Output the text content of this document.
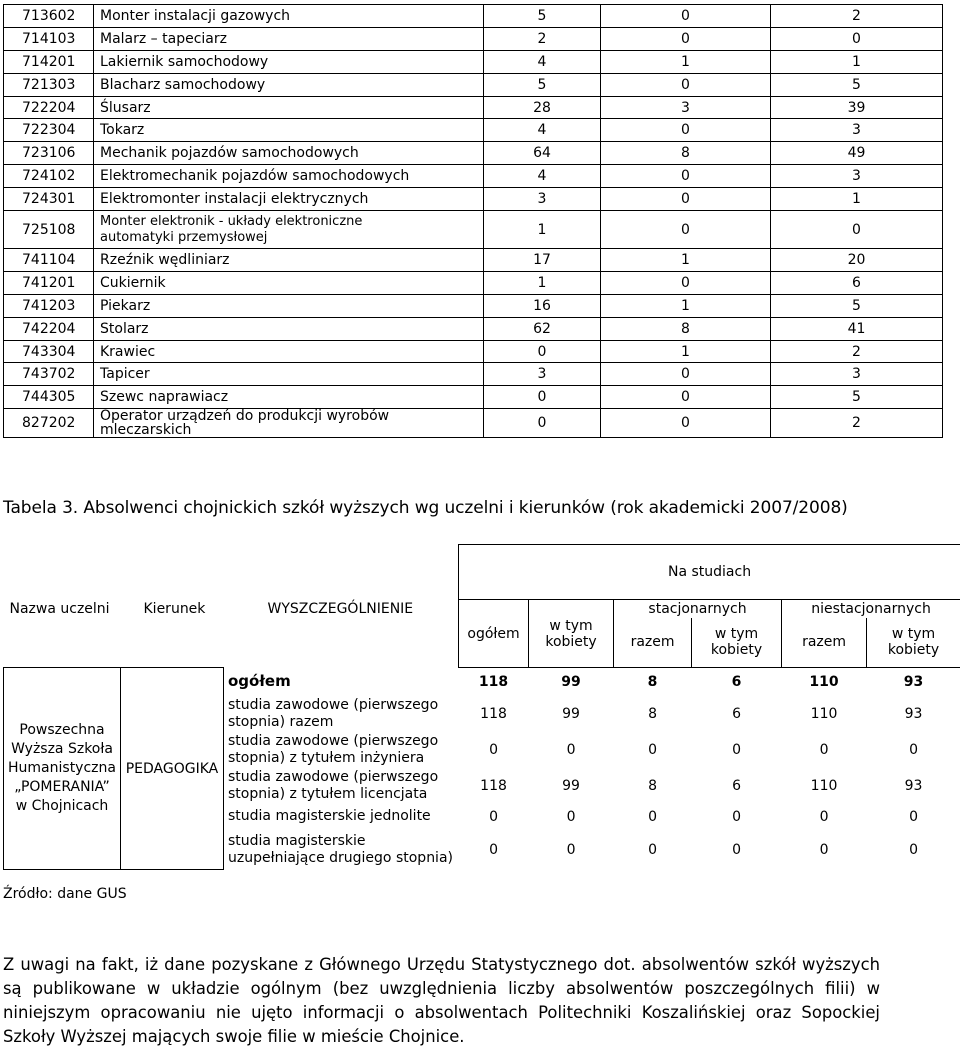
713602	Monter instalacji gazowych	5	0	2
714103	Malarz – tapeciarz	2	0	0
714201	Lakiernik samochodowy	4	1	1
721303	Blacharz samochodowy	5	0	5
722204	Ślusarz	28	3	39
722304	Tokarz	4	0	3
723106	Mechanik pojazdów samochodowych	64	8	49
724102	Elektromechanik pojazdów samochodowych	4	0	3
724301	Elektromonter instalacji elektrycznych	3	0	1
725108	Monter elektronik - układy elektroniczne automatyki przemysłowej	1	0	0
741104	Rzeźnik wędliniarz	17	1	20
741201	Cukiernik	1	0	6
741203	Piekarz	16	1	5
742204	Stolarz	62	8	41
743304	Krawiec	0	1	2
743702	Tapicer	3	0	3
744305	Szewc naprawiacz	0	0	5
827202	Operator urządzeń do produkcji wyrobów mleczarskich	0	0	2
Tabela 3. Absolwenci chojnickich szkół wyższych wg uczelni i kierunków (rok akademicki 2007/2008)
Nazwa uczelni Kierunek WYSZCZEGÓLNIENIE			Na studiach					
			ogółem	w tym kobiety	stacjonarnych		niestacjonarnych	
					razem	w tym kobiety	razem	w tym kobiety
Powszechna Wyższa Szkoła Humanistyczna „POMERANIA” w Chojnicach	PEDAGOGIKA	ogółem	118	99	8	6	110	93
		studia zawodowe (pierwszego stopnia) razem	118	99	8	6	110	93
		studia zawodowe (pierwszego stopnia) z tytułem inżyniera	0	0	0	0	0	0
		studia zawodowe (pierwszego stopnia) z tytułem licencjata	118	99	8	6	110	93
		studia magisterskie jednolite	0	0	0	0	0	0
		studia magisterskie uzupełniające drugiego stopnia)	0	0	0	0	0	0
Źródło: dane GUS
Z uwagi na fakt, iż dane pozyskane z Głównego Urzędu Statystycznego dot. absolwentów szkół wyższych są publikowane w układzie ogólnym (bez uwzględnienia liczby absolwentów poszczególnych filii) w niniejszym opracowaniu nie ujęto informacji o absolwentach Politechniki Koszalińskiej oraz Sopockiej Szkoły Wyższej mających swoje filie w mieście Chojnice.
